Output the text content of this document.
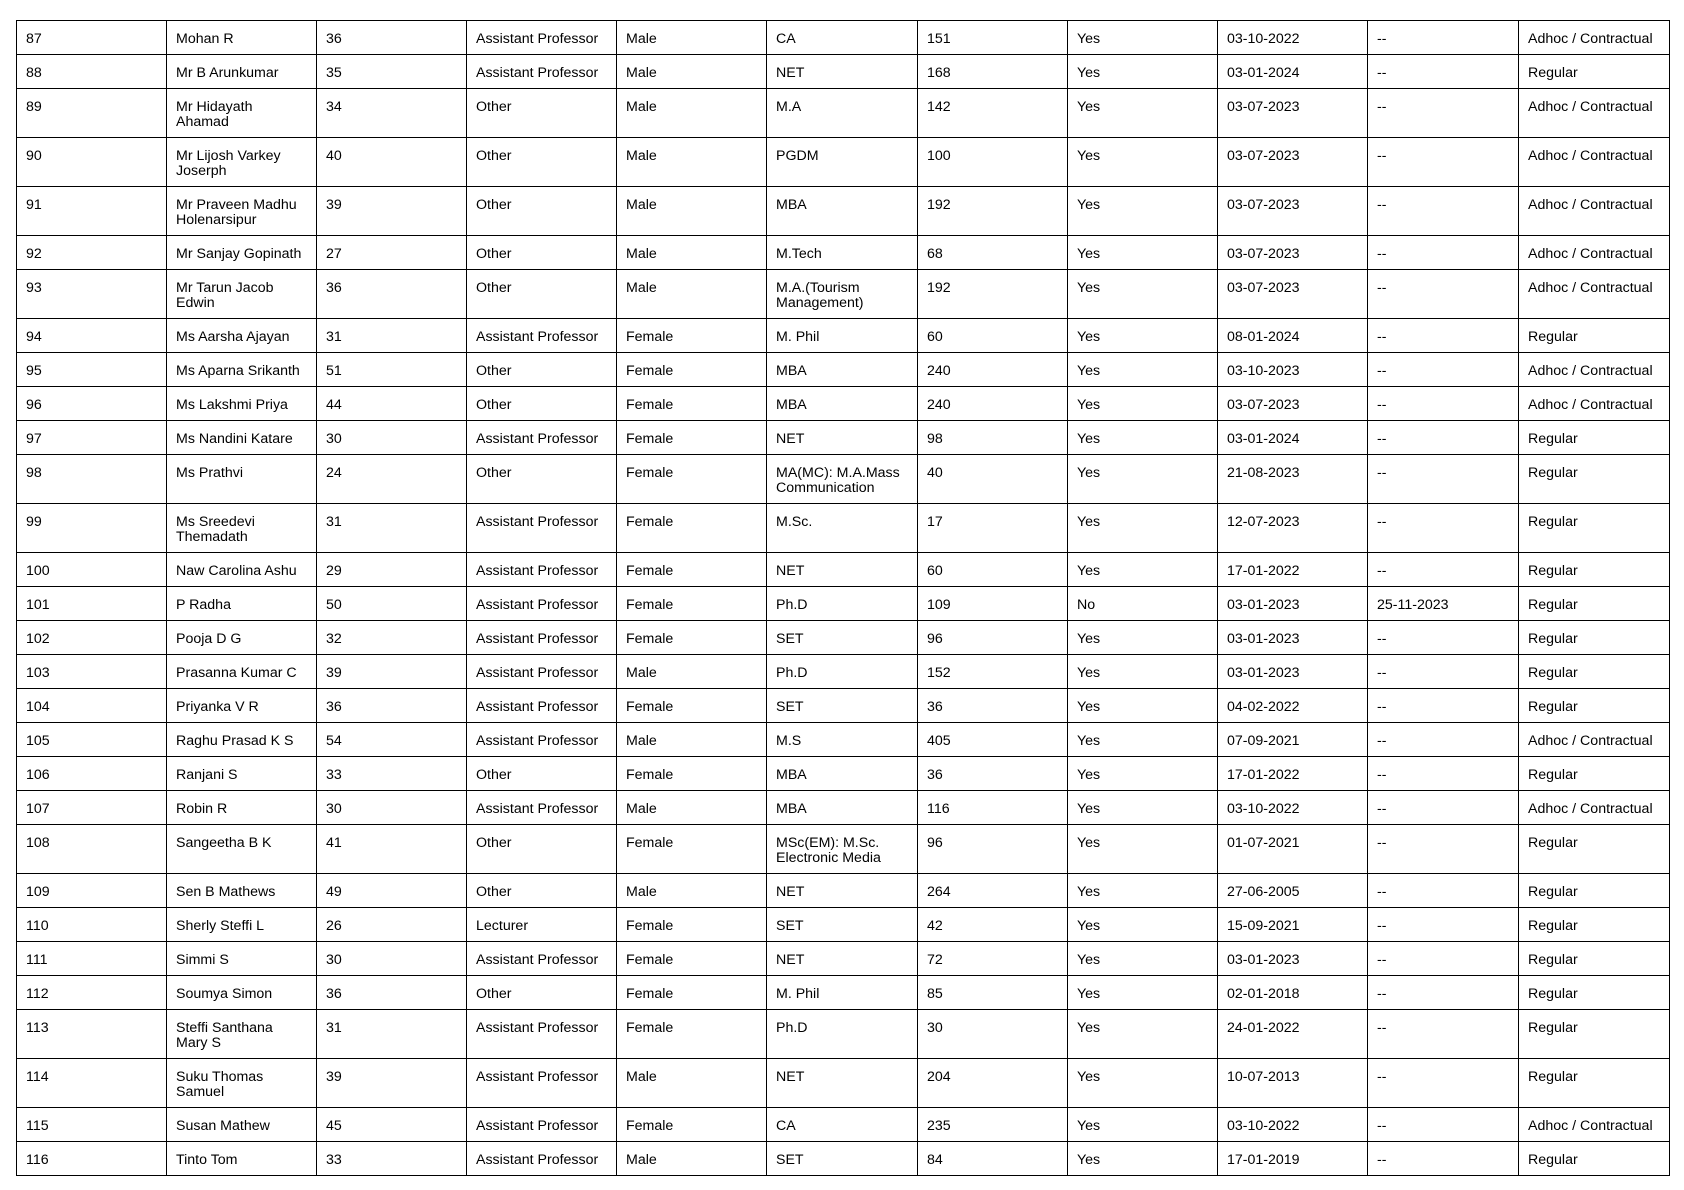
87	Mohan R	36	Assistant Professor	Male	CA	151	Yes	03-10-2022	--	Adhoc / Contractual
88	Mr B Arunkumar	35	Assistant Professor	Male	NET	168	Yes	03-01-2024	--	Regular
89	Mr Hidayath Ahamad	34	Other	Male	M.A	142	Yes	03-07-2023	--	Adhoc / Contractual
90	Mr Lijosh Varkey Joserph	40	Other	Male	PGDM	100	Yes	03-07-2023	--	Adhoc / Contractual
91	Mr Praveen Madhu Holenarsipur	39	Other	Male	MBA	192	Yes	03-07-2023	--	Adhoc / Contractual
92	Mr Sanjay Gopinath	27	Other	Male	M.Tech	68	Yes	03-07-2023	--	Adhoc / Contractual
93	Mr Tarun Jacob Edwin	36	Other	Male	M.A.(Tourism Management)	192	Yes	03-07-2023	--	Adhoc / Contractual
94	Ms Aarsha Ajayan	31	Assistant Professor	Female	M. Phil	60	Yes	08-01-2024	--	Regular
95	Ms Aparna Srikanth	51	Other	Female	MBA	240	Yes	03-10-2023	--	Adhoc / Contractual
96	Ms Lakshmi Priya	44	Other	Female	MBA	240	Yes	03-07-2023	--	Adhoc / Contractual
97	Ms Nandini Katare	30	Assistant Professor	Female	NET	98	Yes	03-01-2024	--	Regular
98	Ms Prathvi	24	Other	Female	MA(MC): M.A.Mass Communication	40	Yes	21-08-2023	--	Regular
99	Ms Sreedevi Themadath	31	Assistant Professor	Female	M.Sc.	17	Yes	12-07-2023	--	Regular
100	Naw Carolina Ashu	29	Assistant Professor	Female	NET	60	Yes	17-01-2022	--	Regular
101	P Radha	50	Assistant Professor	Female	Ph.D	109	No	03-01-2023	25-11-2023	Regular
102	Pooja D G	32	Assistant Professor	Female	SET	96	Yes	03-01-2023	--	Regular
103	Prasanna Kumar C	39	Assistant Professor	Male	Ph.D	152	Yes	03-01-2023	--	Regular
104	Priyanka V R	36	Assistant Professor	Female	SET	36	Yes	04-02-2022	--	Regular
105	Raghu Prasad K S	54	Assistant Professor	Male	M.S	405	Yes	07-09-2021	--	Adhoc / Contractual
106	Ranjani S	33	Other	Female	MBA	36	Yes	17-01-2022	--	Regular
107	Robin R	30	Assistant Professor	Male	MBA	116	Yes	03-10-2022	--	Adhoc / Contractual
108	Sangeetha B K	41	Other	Female	MSc(EM): M.Sc. Electronic Media	96	Yes	01-07-2021	--	Regular
109	Sen B Mathews	49	Other	Male	NET	264	Yes	27-06-2005	--	Regular
110	Sherly Steffi L	26	Lecturer	Female	SET	42	Yes	15-09-2021	--	Regular
111	Simmi S	30	Assistant Professor	Female	NET	72	Yes	03-01-2023	--	Regular
112	Soumya Simon	36	Other	Female	M. Phil	85	Yes	02-01-2018	--	Regular
113	Steffi Santhana Mary S	31	Assistant Professor	Female	Ph.D	30	Yes	24-01-2022	--	Regular
114	Suku Thomas Samuel	39	Assistant Professor	Male	NET	204	Yes	10-07-2013	--	Regular
115	Susan Mathew	45	Assistant Professor	Female	CA	235	Yes	03-10-2022	--	Adhoc / Contractual
116	Tinto Tom	33	Assistant Professor	Male	SET	84	Yes	17-01-2019	--	Regular
